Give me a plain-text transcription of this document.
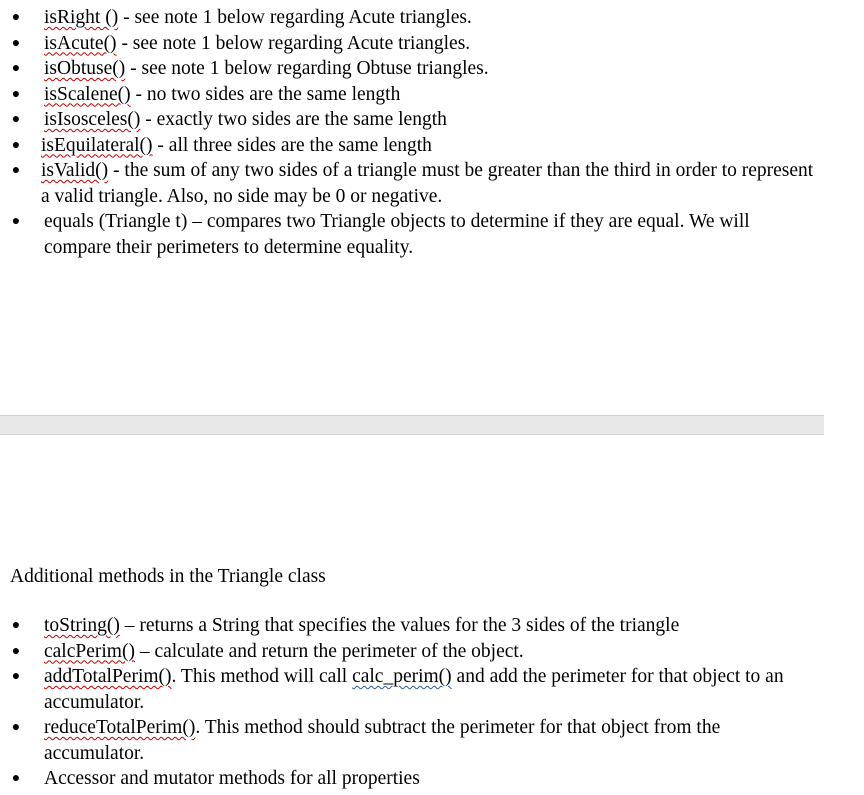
● isRight () - see note 1 below regarding Acute triangles.
● isAcute() - see note 1 below regarding Acute triangles.
● isObtuse() - see note 1 below regarding Obtuse triangles.
● isScalene() - no two sides are the same length
● isIsosceles() - exactly two sides are the same length
● isEquilateral() - all three sides are the same length
● isValid() - the sum of any two sides of a triangle must be greater than the third in order to represent a valid triangle. Also, no side may be 0 or negative.
● equals (Triangle t) – compares two Triangle objects to determine if they are equal. We will compare their perimeters to determine equality.
Additional methods in the Triangle class
● toString() – returns a String that specifies the values for the 3 sides of the triangle
● calcPerim() – calculate and return the perimeter of the object.
● addTotalPerim(). This method will call calc_perim() and add the perimeter for that object to an accumulator.
● reduceTotalPerim(). This method should subtract the perimeter for that object from the accumulator.
● Accessor and mutator methods for all properties
